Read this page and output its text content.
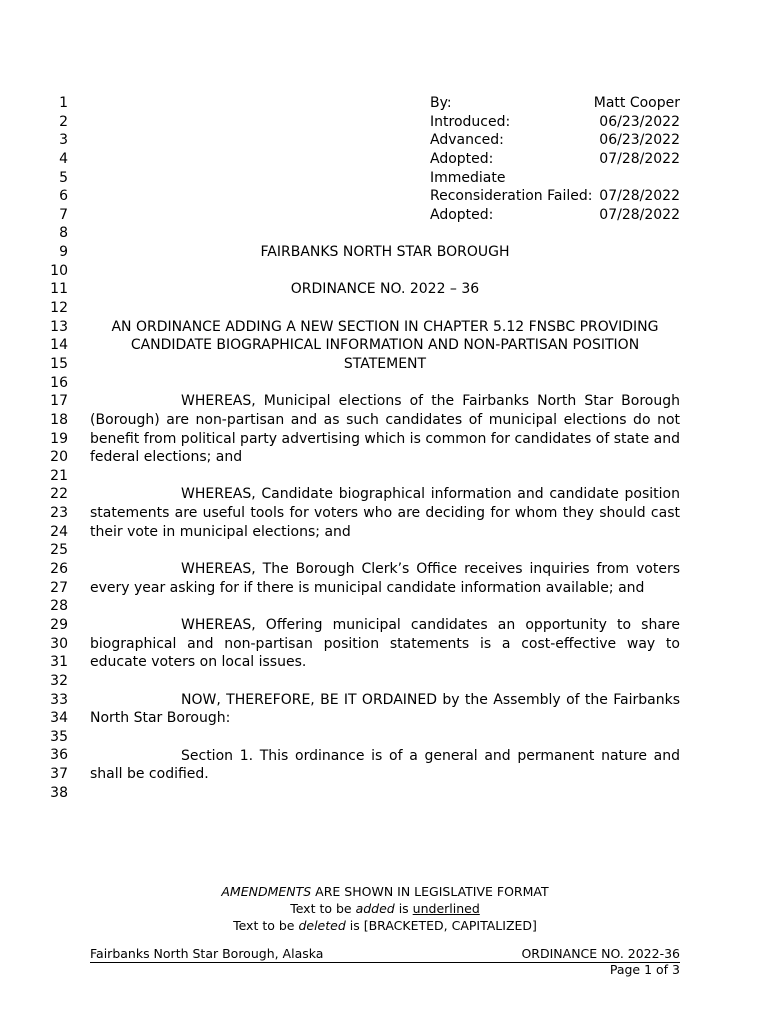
1
2
3
4
5
6
7
8
9
10
11
12
13
14
15
16
17
18
19
20
21
22
23
24
25
26
27
28
29
30
31
32
33
34
35
36
37
38
By:	Matt Cooper
Introduced:	06/23/2022
Advanced:	06/23/2022
Adopted:	07/28/2022
Immediate
Reconsideration Failed: 07/28/2022
Adopted:	07/28/2022
FAIRBANKS NORTH STAR BOROUGH
ORDINANCE NO. 2022 – 36
AN ORDINANCE ADDING A NEW SECTION IN CHAPTER 5.12 FNSBC PROVIDING
CANDIDATE BIOGRAPHICAL INFORMATION AND NON-PARTISAN POSITION
STATEMENT
WHEREAS, Municipal elections of the Fairbanks North Star Borough (Borough) are non-partisan and as such candidates of municipal elections do not benefit from political party advertising which is common for candidates of state and federal elections; and
WHEREAS, Candidate biographical information and candidate position statements are useful tools for voters who are deciding for whom they should cast their vote in municipal elections; and
WHEREAS, The Borough Clerk’s Office receives inquiries from voters every year asking for if there is municipal candidate information available; and
WHEREAS, Offering municipal candidates an opportunity to share biographical and non-partisan position statements is a cost-effective way to educate voters on local issues.
NOW, THEREFORE, BE IT ORDAINED by the Assembly of the Fairbanks North Star Borough:
Section 1. This ordinance is of a general and permanent nature and shall be codified.
AMENDMENTS ARE SHOWN IN LEGISLATIVE FORMAT
Text to be added is underlined
Text to be deleted is [BRACKETED, CAPITALIZED]
Fairbanks North Star Borough, Alaska	ORDINANCE NO. 2022-36
Page 1 of 3
